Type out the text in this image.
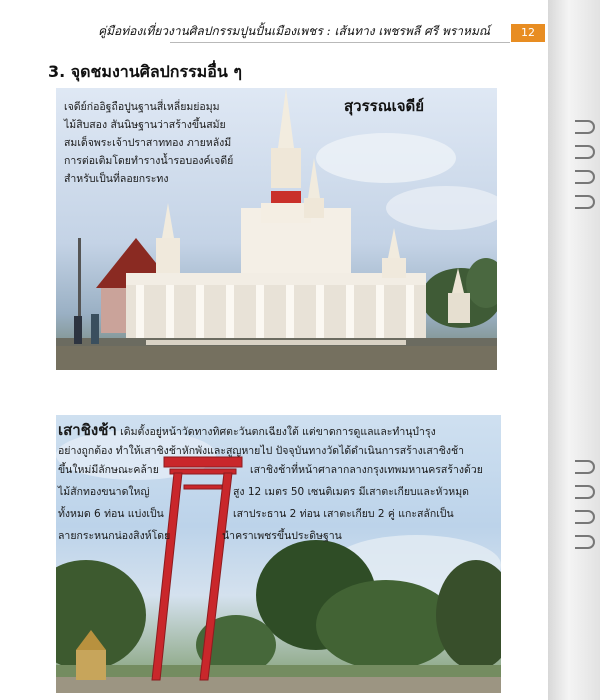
คู่มือท่องเที่ยวงานศิลปกรรมปูนปั้นเมืองเพชร : เส้นทาง เพชรพลี ศรี พราหมณ์	12
3. จุดชมงานศิลปกรรมอื่น ๆ
เจดีย์ก่ออิฐถือปูนฐานสี่เหลี่ยมย่อมุม
ไม้สิบสอง สันนิษฐานว่าสร้างขึ้นสมัย
สมเด็จพระเจ้าปราสาททอง ภายหลังมี
การต่อเติมโดยทำรางน้ำรอบองค์เจดีย์
สำหรับเป็นที่ลอยกระทง
สุวรรณเจดีย์
เสาชิงช้า เดิมตั้งอยู่หน้าวัดทางทิศตะวันตกเฉียงใต้ แต่ขาดการดูแลและทำนุบำรุง
อย่างถูกต้อง ทำให้เสาชิงช้าหักพังและสูญหายไป ปัจจุบันทางวัดได้ดำเนินการสร้างเสาชิงช้า
ขึ้นใหม่มีลักษณะคล้าย
ไม้สักทองขนาดใหญ่
ทั้งหมด 6 ท่อน แบ่งเป็น
ลายกระหนกน่องสิงห์โดย
เสาชิงช้าที่หน้าศาลากลางกรุงเทพมหานครสร้างด้วย
สูง 12 เมตร 50 เซนติเมตร มีเสาตะเกียบและหัวหมุด
เสาประธาน 2 ท่อน เสาตะเกียบ 2 คู่ แกะสลักเป็น
นำคราเพชรขึ้นประดิษฐาน
